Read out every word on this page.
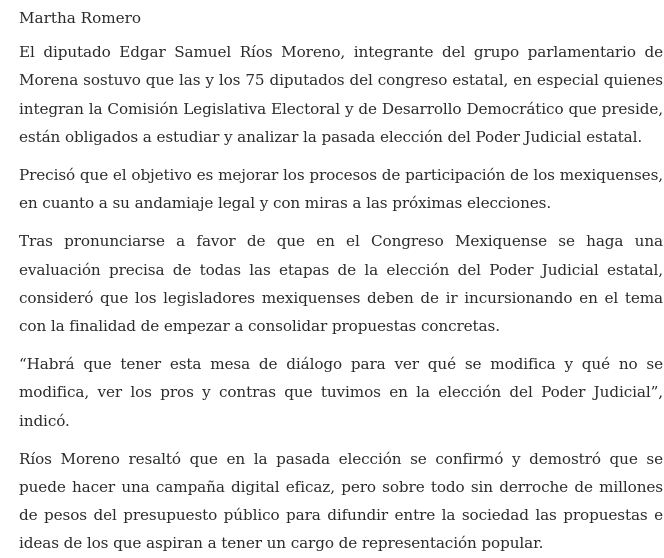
Martha Romero

El diputado Edgar Samuel Ríos Moreno, integrante del grupo parlamentario de Morena sostuvo que las y los 75 diputados del congreso estatal, en especial quienes integran la Comisión Legislativa Electoral y de Desarrollo Democrático que preside, están obligados a estudiar y analizar la pasada elección del Poder Judicial estatal.

Precisó que el objetivo es mejorar los procesos de participación de los mexiquenses, en cuanto a su andamiaje legal y con miras a las próximas elecciones.

Tras pronunciarse a favor de que en el Congreso Mexiquense se haga una evaluación precisa de todas las etapas de la elección del Poder Judicial estatal, consideró que los legisladores mexiquenses deben de ir incursionando en el tema con la finalidad de empezar a consolidar propuestas concretas.

“Habrá que tener esta mesa de diálogo para ver qué se modifica y qué no se modifica, ver los pros y contras que tuvimos en la elección del Poder Judicial”, indicó.

Ríos Moreno resaltó que en la pasada elección se confirmó y demostró que se puede hacer una campaña digital eficaz, pero sobre todo sin derroche de millones de pesos del presupuesto público para difundir entre la sociedad las propuestas e ideas de los que aspiran a tener un cargo de representación popular.
